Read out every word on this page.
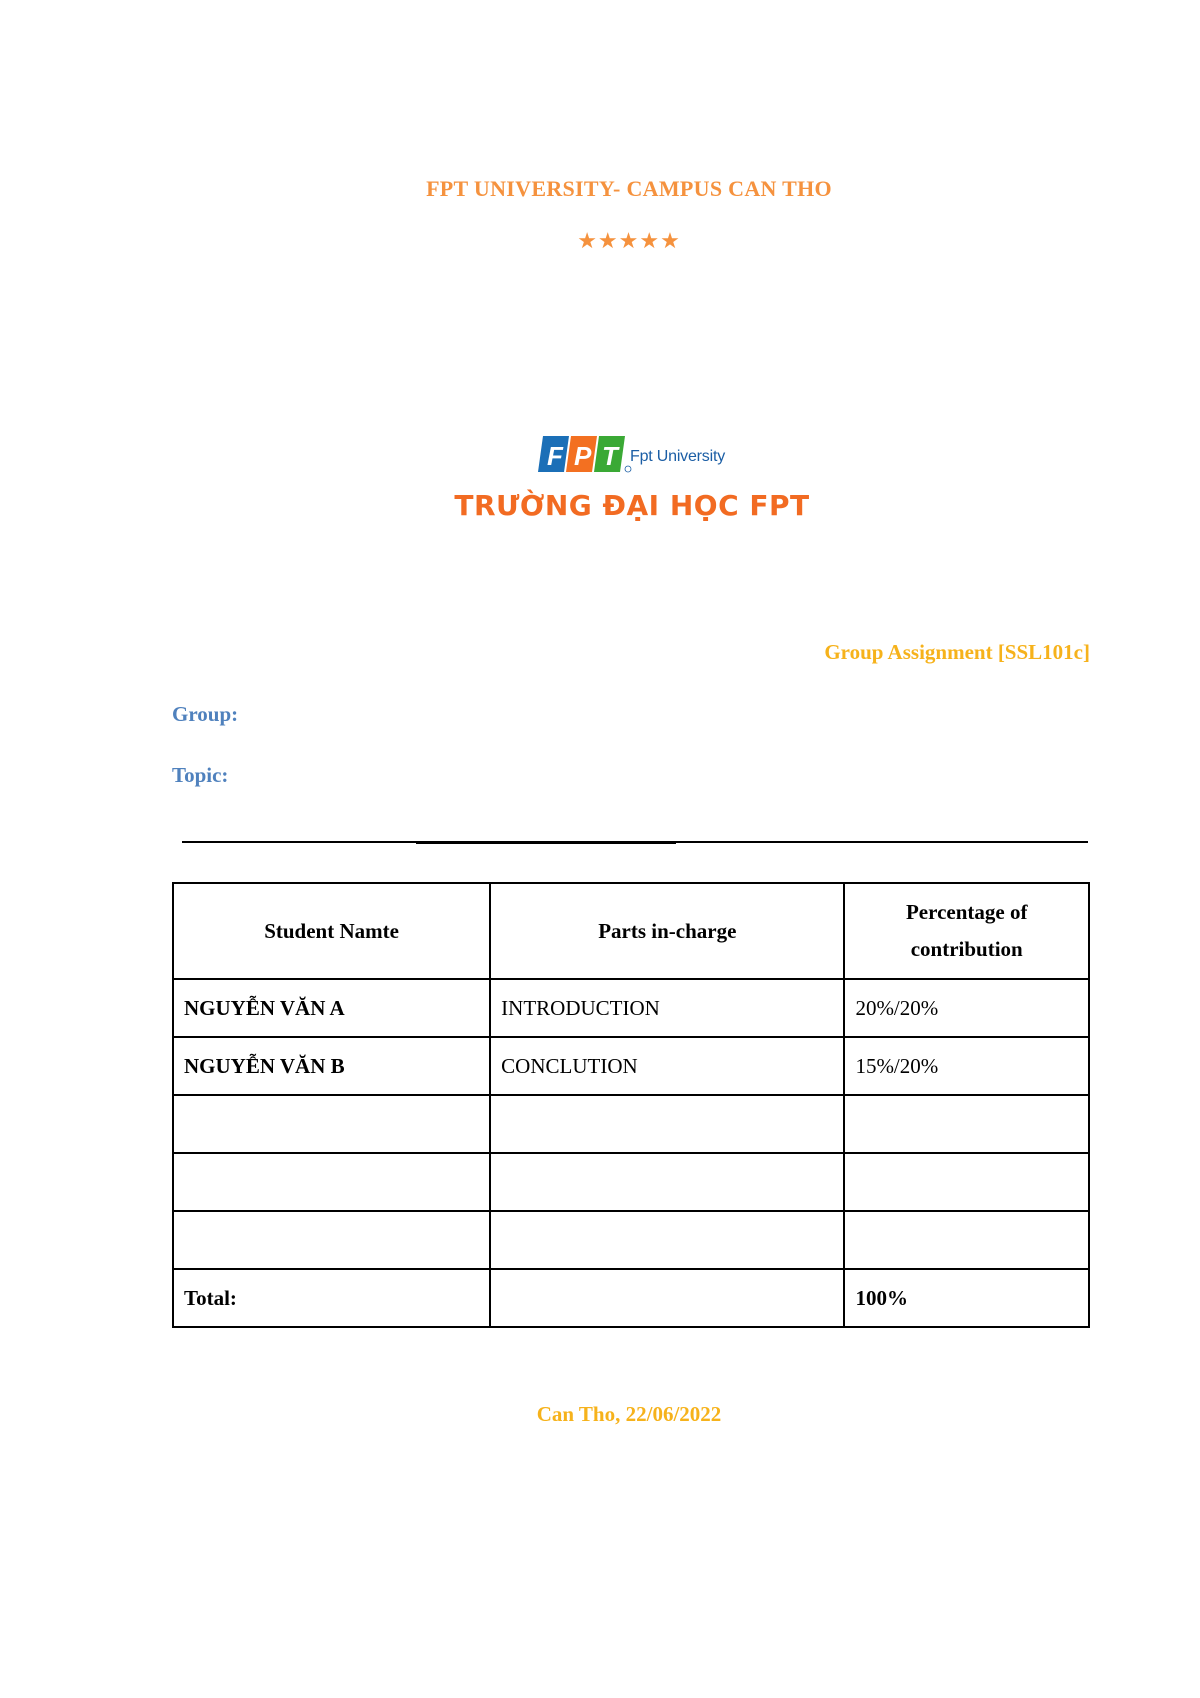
FPT UNIVERSITY- CAMPUS CAN THO
★★★★★
F P T Fpt University
TRƯỜNG ĐẠI HỌC FPT
Group Assignment [SSL101c]
Group:
Topic:
Student Namte	Parts in-charge	Percentage of
contribution
NGUYỄN VĂN A	INTRODUCTION	20%/20%
NGUYỄN VĂN B	CONCLUTION	15%/20%

Total:		100%
Can Tho, 22/06/2022
